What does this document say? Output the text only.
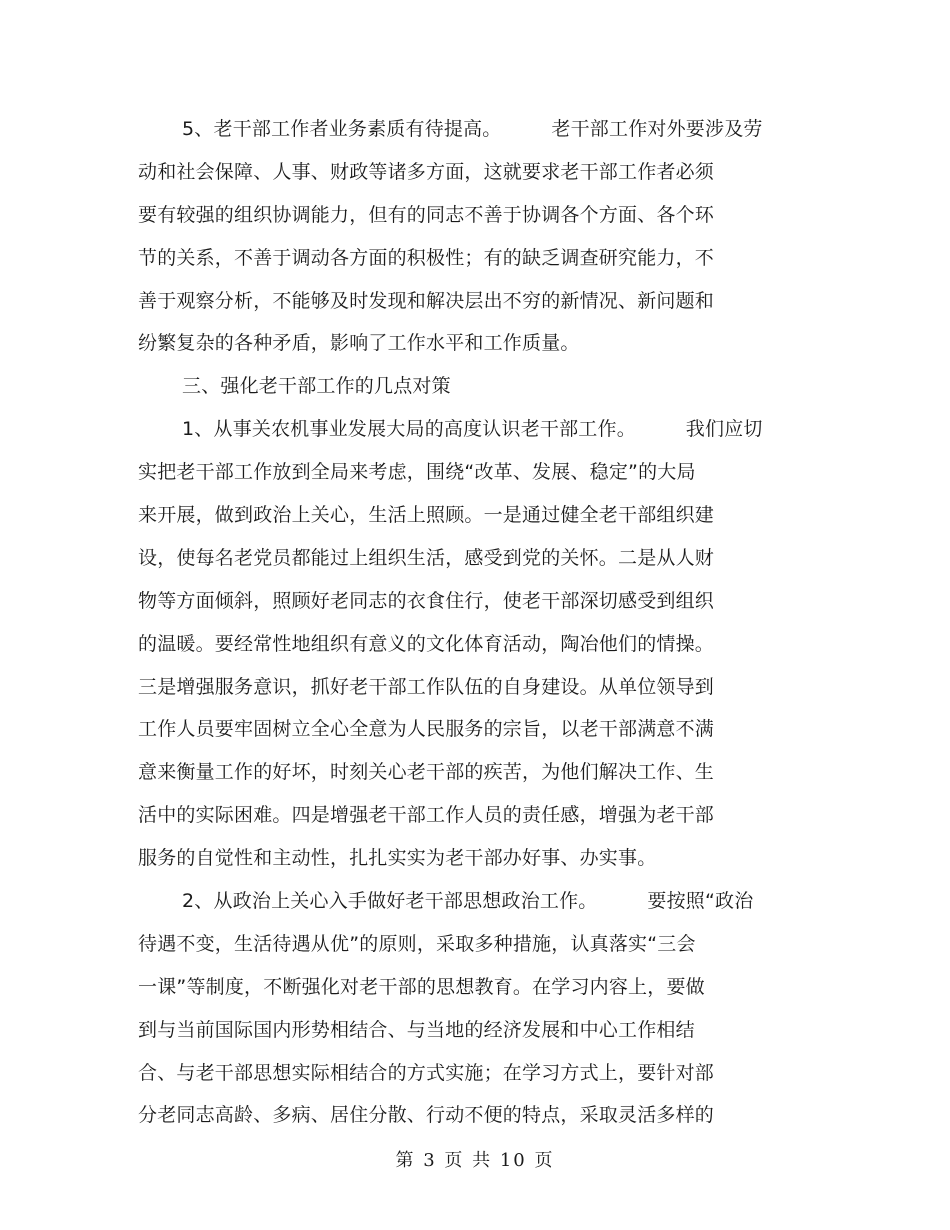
5、老干部工作者业务素质有待提高。        老干部工作对外要涉及劳
动和社会保障、人事、财政等诸多方面，这就要求老干部工作者必须
要有较强的组织协调能力，但有的同志不善于协调各个方面、各个环
节的关系，不善于调动各方面的积极性；有的缺乏调查研究能力，不
善于观察分析，不能够及时发现和解决层出不穷的新情况、新问题和
纷繁复杂的各种矛盾，影响了工作水平和工作质量。
三、强化老干部工作的几点对策
1、从事关农机事业发展大局的高度认识老干部工作。        我们应切
实把老干部工作放到全局来考虑，围绕“改革、发展、稳定”的大局
来开展，做到政治上关心，生活上照顾。一是通过健全老干部组织建
设，使每名老党员都能过上组织生活，感受到党的关怀。二是从人财
物等方面倾斜，照顾好老同志的衣食住行，使老干部深切感受到组织
的温暖。要经常性地组织有意义的文化体育活动，陶冶他们的情操。
三是增强服务意识，抓好老干部工作队伍的自身建设。从单位领导到
工作人员要牢固树立全心全意为人民服务的宗旨，以老干部满意不满
意来衡量工作的好坏，时刻关心老干部的疾苦，为他们解决工作、生
活中的实际困难。四是增强老干部工作人员的责任感，增强为老干部
服务的自觉性和主动性，扎扎实实为老干部办好事、办实事。
2、从政治上关心入手做好老干部思想政治工作。        要按照“政治
待遇不变，生活待遇从优”的原则，采取多种措施，认真落实“三会
一课”等制度，不断强化对老干部的思想教育。在学习内容上，要做
到与当前国际国内形势相结合、与当地的经济发展和中心工作相结
合、与老干部思想实际相结合的方式实施；在学习方式上，要针对部
分老同志高龄、多病、居住分散、行动不便的特点，采取灵活多样的
第 3 页 共 10 页
